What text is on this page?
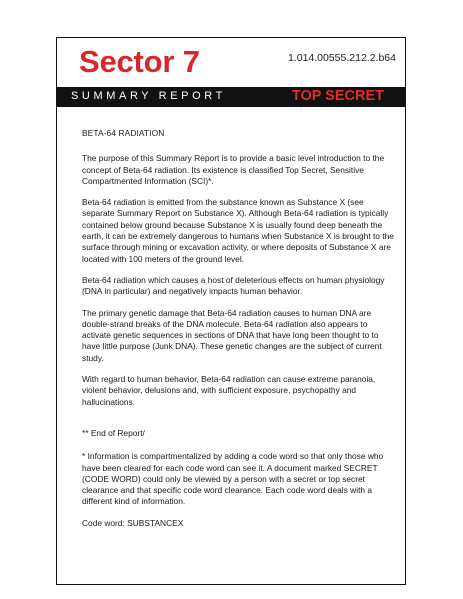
Sector 7	1.014.00555.212.2.b64
SUMMARY REPORT	TOP SECRET

BETA-64 RADIATION

The purpose of this Summary Report is to provide a basic level introduction to the concept of Beta-64 radiation. Its existence is classified Top Secret, Sensitive Compartmented Information (SCI)*.

Beta-64 radiation is emitted from the substance known as Substance X (see separate Summary Report on Substance X). Although Beta-64 radiation is typically contained below ground because Substance X is usually found deep beneath the earth, it can be extremely dangerous to humans when Substance X is brought to the surface through mining or excavation activity, or where deposits of Substance X are located with 100 meters of the ground level.

Beta-64 radiation which causes a host of deleterious effects on human physiology (DNA in particular) and negatively impacts human behavior.

The primary genetic damage that Beta-64 radiation causes to human DNA are double-strand breaks of the DNA molecule. Beta-64 radiation also appears to activate genetic sequences in sections of DNA that have long been thought to to have little purpose (Junk DNA). These genetic changes are the subject of current study.

With regard to human behavior, Beta-64 radiation can cause extreme paranoia, violent behavior, delusions and, with sufficient exposure, psychopathy and hallucinations.

** End of Report/

* Information is compartmentalized by adding a code word so that only those who have been cleared for each code word can see it. A document marked SECRET (CODE WORD) could only be viewed by a person with a secret or top secret clearance and that specific code word clearance. Each code word deals with a different kind of information.

Code word: SUBSTANCEX
